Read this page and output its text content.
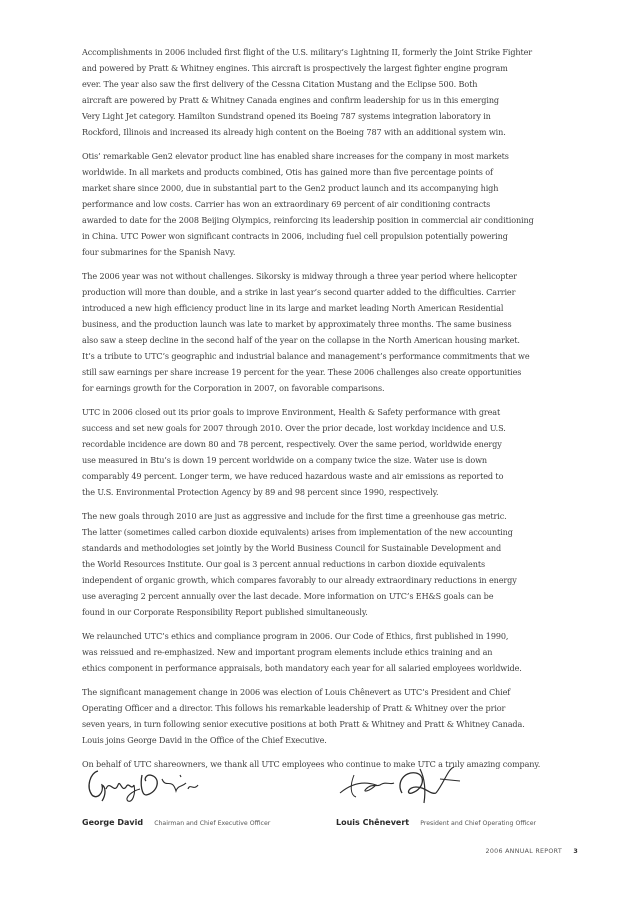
Accomplishments in 2006 included first flight of the U.S. military’s Lightning II, formerly the Joint Strike Fighter
and powered by Pratt & Whitney engines. This aircraft is prospectively the largest fighter engine program
ever. The year also saw the first delivery of the Cessna Citation Mustang and the Eclipse 500. Both
aircraft are powered by Pratt & Whitney Canada engines and confirm leadership for us in this emerging
Very Light Jet category. Hamilton Sundstrand opened its Boeing 787 systems integration laboratory in
Rockford, Illinois and increased its already high content on the Boeing 787 with an additional system win.

Otis’ remarkable Gen2 elevator product line has enabled share increases for the company in most markets
worldwide. In all markets and products combined, Otis has gained more than five percentage points of
market share since 2000, due in substantial part to the Gen2 product launch and its accompanying high
performance and low costs. Carrier has won an extraordinary 69 percent of air conditioning contracts
awarded to date for the 2008 Beijing Olympics, reinforcing its leadership position in commercial air conditioning
in China. UTC Power won significant contracts in 2006, including fuel cell propulsion potentially powering
four submarines for the Spanish Navy.

The 2006 year was not without challenges. Sikorsky is midway through a three year period where helicopter
production will more than double, and a strike in last year’s second quarter added to the difficulties. Carrier
introduced a new high efficiency product line in its large and market leading North American Residential
business, and the production launch was late to market by approximately three months. The same business
also saw a steep decline in the second half of the year on the collapse in the North American housing market.
It’s a tribute to UTC’s geographic and industrial balance and management’s performance commitments that we
still saw earnings per share increase 19 percent for the year. These 2006 challenges also create opportunities
for earnings growth for the Corporation in 2007, on favorable comparisons.

UTC in 2006 closed out its prior goals to improve Environment, Health & Safety performance with great
success and set new goals for 2007 through 2010. Over the prior decade, lost workday incidence and U.S.
recordable incidence are down 80 and 78 percent, respectively. Over the same period, worldwide energy
use measured in Btu’s is down 19 percent worldwide on a company twice the size. Water use is down
comparably 49 percent. Longer term, we have reduced hazardous waste and air emissions as reported to
the U.S. Environmental Protection Agency by 89 and 98 percent since 1990, respectively.

The new goals through 2010 are just as aggressive and include for the first time a greenhouse gas metric.
The latter (sometimes called carbon dioxide equivalents) arises from implementation of the new accounting
standards and methodologies set jointly by the World Business Council for Sustainable Development and
the World Resources Institute. Our goal is 3 percent annual reductions in carbon dioxide equivalents
independent of organic growth, which compares favorably to our already extraordinary reductions in energy
use averaging 2 percent annually over the last decade. More information on UTC’s EH&S goals can be
found in our Corporate Responsibility Report published simultaneously.

We relaunched UTC’s ethics and compliance program in 2006. Our Code of Ethics, first published in 1990,
was reissued and re-emphasized. New and important program elements include ethics training and an
ethics component in performance appraisals, both mandatory each year for all salaried employees worldwide.

The significant management change in 2006 was election of Louis Chênevert as UTC’s President and Chief
Operating Officer and a director. This follows his remarkable leadership of Pratt & Whitney over the prior
seven years, in turn following senior executive positions at both Pratt & Whitney and Pratt & Whitney Canada.
Louis joins George David in the Office of the Chief Executive.

On behalf of UTC shareowners, we thank all UTC employees who continue to make UTC a truly amazing company.

George David Chairman and Chief Executive Officer	Louis Chênevert President and Chief Operating Officer
2006 ANNUAL REPORT 3
